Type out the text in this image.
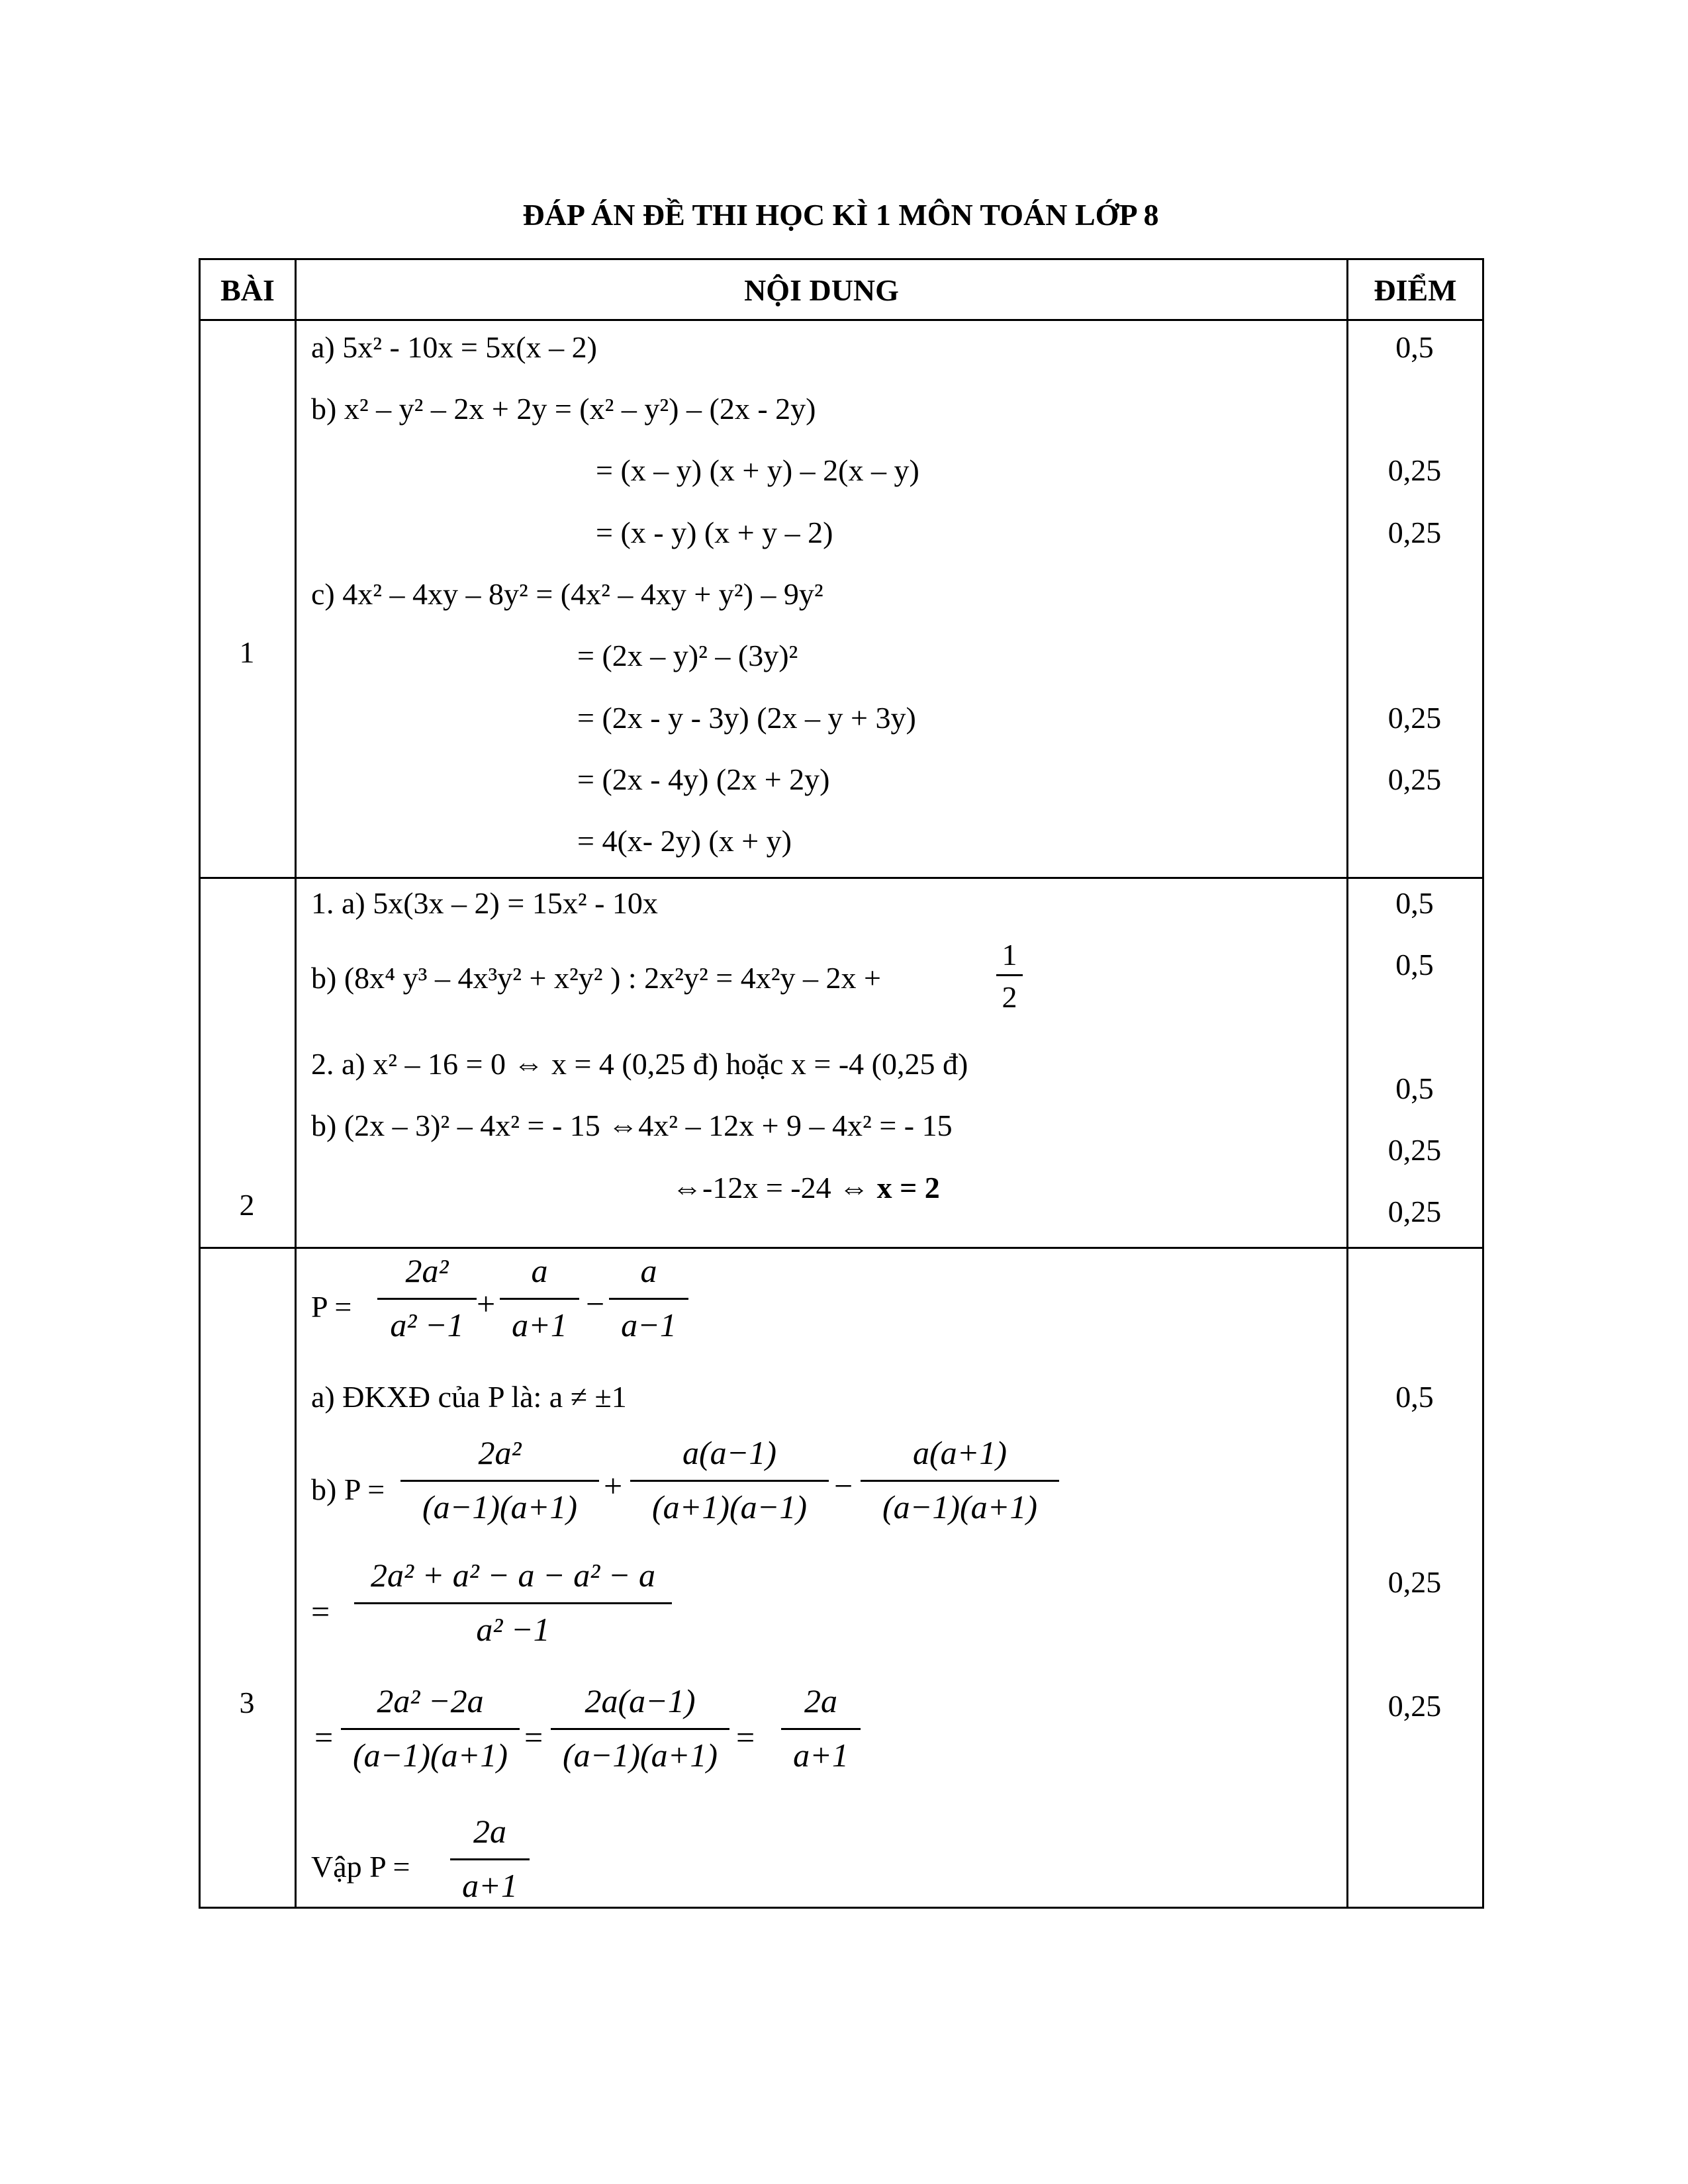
ĐÁP ÁN ĐỀ THI HỌC KÌ 1 MÔN TOÁN LỚP 8
BÀI	NỘI DUNG	ĐIỂM
1
a) 5x² - 10x = 5x(x – 2)
b) x² – y² – 2x + 2y = (x² – y²) – (2x - 2y)
= (x – y) (x + y) – 2(x – y)
= (x - y) (x + y – 2)
c) 4x² – 4xy – 8y² = (4x² – 4xy + y²) – 9y²
= (2x – y)² – (3y)²
= (2x - y - 3y) (2x – y + 3y)
= (2x - 4y) (2x + 2y)
= 4(x- 2y) (x + y)
0,5
0,25
0,25
0,25
0,25
2
1. a) 5x(3x – 2) = 15x² - 10x
b) (8x⁴ y³ – 4x³y² + x²y² ) : 2x²y² = 4x²y – 2x +
1
2
2. a) x² – 16 = 0 ⇔ x = 4 (0,25 đ) hoặc x = -4 (0,25 đ)
b) (2x – 3)² – 4x² = - 15 ⇔4x² – 12x + 9 – 4x² = - 15
⇔-12x = -24 ⇔ x = 2
0,5
0,5
0,5
0,25
0,25
3
P =
2a²
a² −1
+
a
a+1
−
a
a−1
a) ĐKXĐ của P là: a ≠ ±1
b) P =
2a²
(a−1)(a+1)
+
a(a−1)
(a+1)(a−1)
−
a(a+1)
(a−1)(a+1)
=
2a² + a² − a − a² − a
a² −1
=
2a² −2a
(a−1)(a+1) =
2a(a−1)
(a−1)(a+1) =
2a
a+1
Vập P =
2a
a+1
0,5
0,25
0,25
